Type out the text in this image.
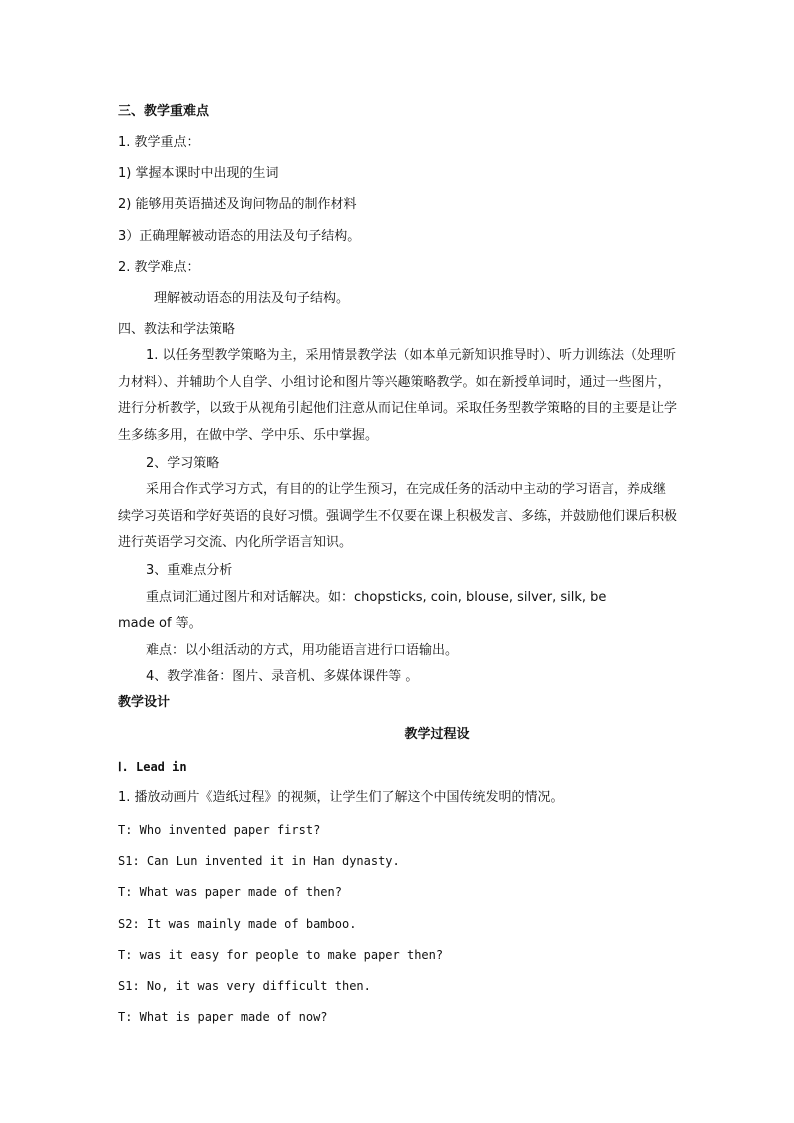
三、教学重难点
1. 教学重点：
1) 掌握本课时中出现的生词
2) 能够用英语描述及询问物品的制作材料
3）正确理解被动语态的用法及句子结构。
2. 教学难点：
理解被动语态的用法及句子结构。
四、教法和学法策略
1. 以任务型教学策略为主，采用情景教学法（如本单元新知识推导时）、听力训练法（处理听力材料）、并辅助个人自学、小组讨论和图片等兴趣策略教学。如在新授单词时，通过一些图片，进行分析教学，以致于从视角引起他们注意从而记住单词。采取任务型教学策略的目的主要是让学生多练多用，在做中学、学中乐、乐中掌握。
2、学习策略
采用合作式学习方式，有目的的让学生预习，在完成任务的活动中主动的学习语言，养成继续学习英语和学好英语的良好习惯。强调学生不仅要在课上积极发言、多练，并鼓励他们课后积极进行英语学习交流、内化所学语言知识。
3、重难点分析
重点词汇通过图片和对话解决。如：chopsticks, coin, blouse, silver, silk, be
made of 等。
难点：以小组活动的方式，用功能语言进行口语输出。
4、教学准备：图片、录音机、多媒体课件等 。
教学设计
教学过程设
Ⅰ. Lead in
1. 播放动画片《造纸过程》的视频，让学生们了解这个中国传统发明的情况。
T: Who invented paper first?
S1: Can Lun invented it in Han dynasty.
T: What was paper made of then?
S2: It was mainly made of bamboo.
T: was it easy for people to make paper then?
S1: No, it was very difficult then.
T: What is paper made of now?
